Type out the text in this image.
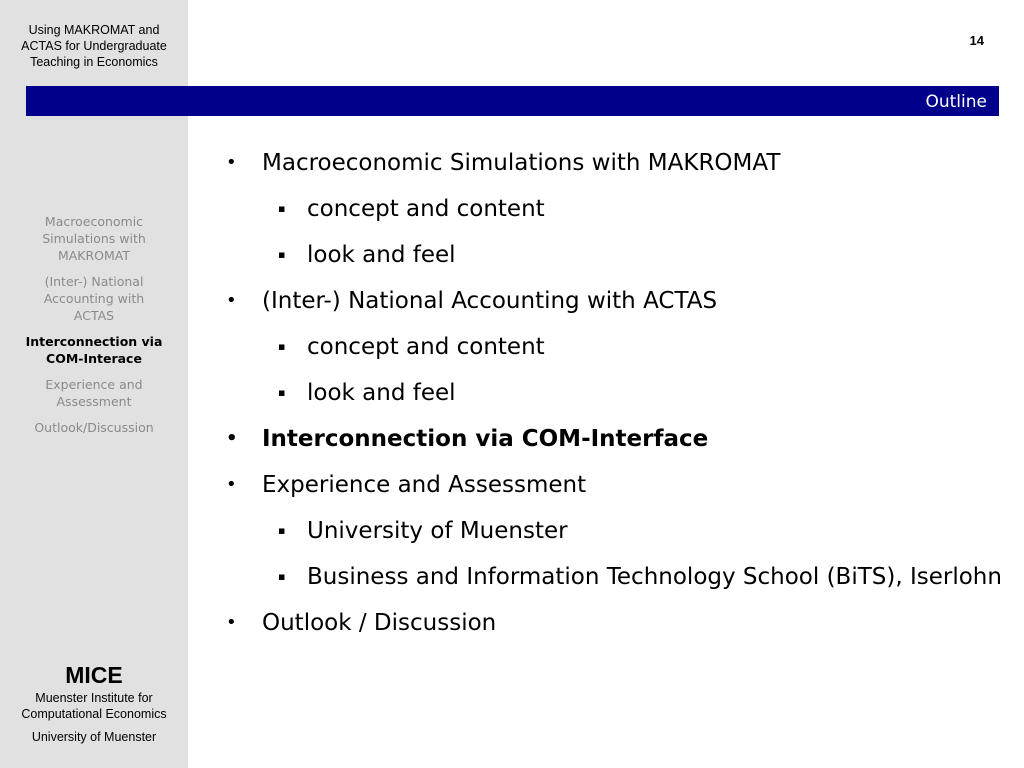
Using MAKROMAT and
ACTAS for Undergraduate
Teaching in Economics
Macroeconomic
Simulations with
MAKROMAT
(Inter-) National
Accounting with
ACTAS
Interconnection via
COM-Interace
Experience and
Assessment
Outlook/Discussion
MICE
Muenster Institute for
Computational Economics
University of Muenster
14
Outline
• Macroeconomic Simulations with MAKROMAT
▪ concept and content
▪ look and feel
• (Inter-) National Accounting with ACTAS
▪ concept and content
▪ look and feel
• Interconnection via COM-Interface
• Experience and Assessment
▪ University of Muenster
▪ Business and Information Technology School (BiTS), Iserlohn
• Outlook / Discussion
